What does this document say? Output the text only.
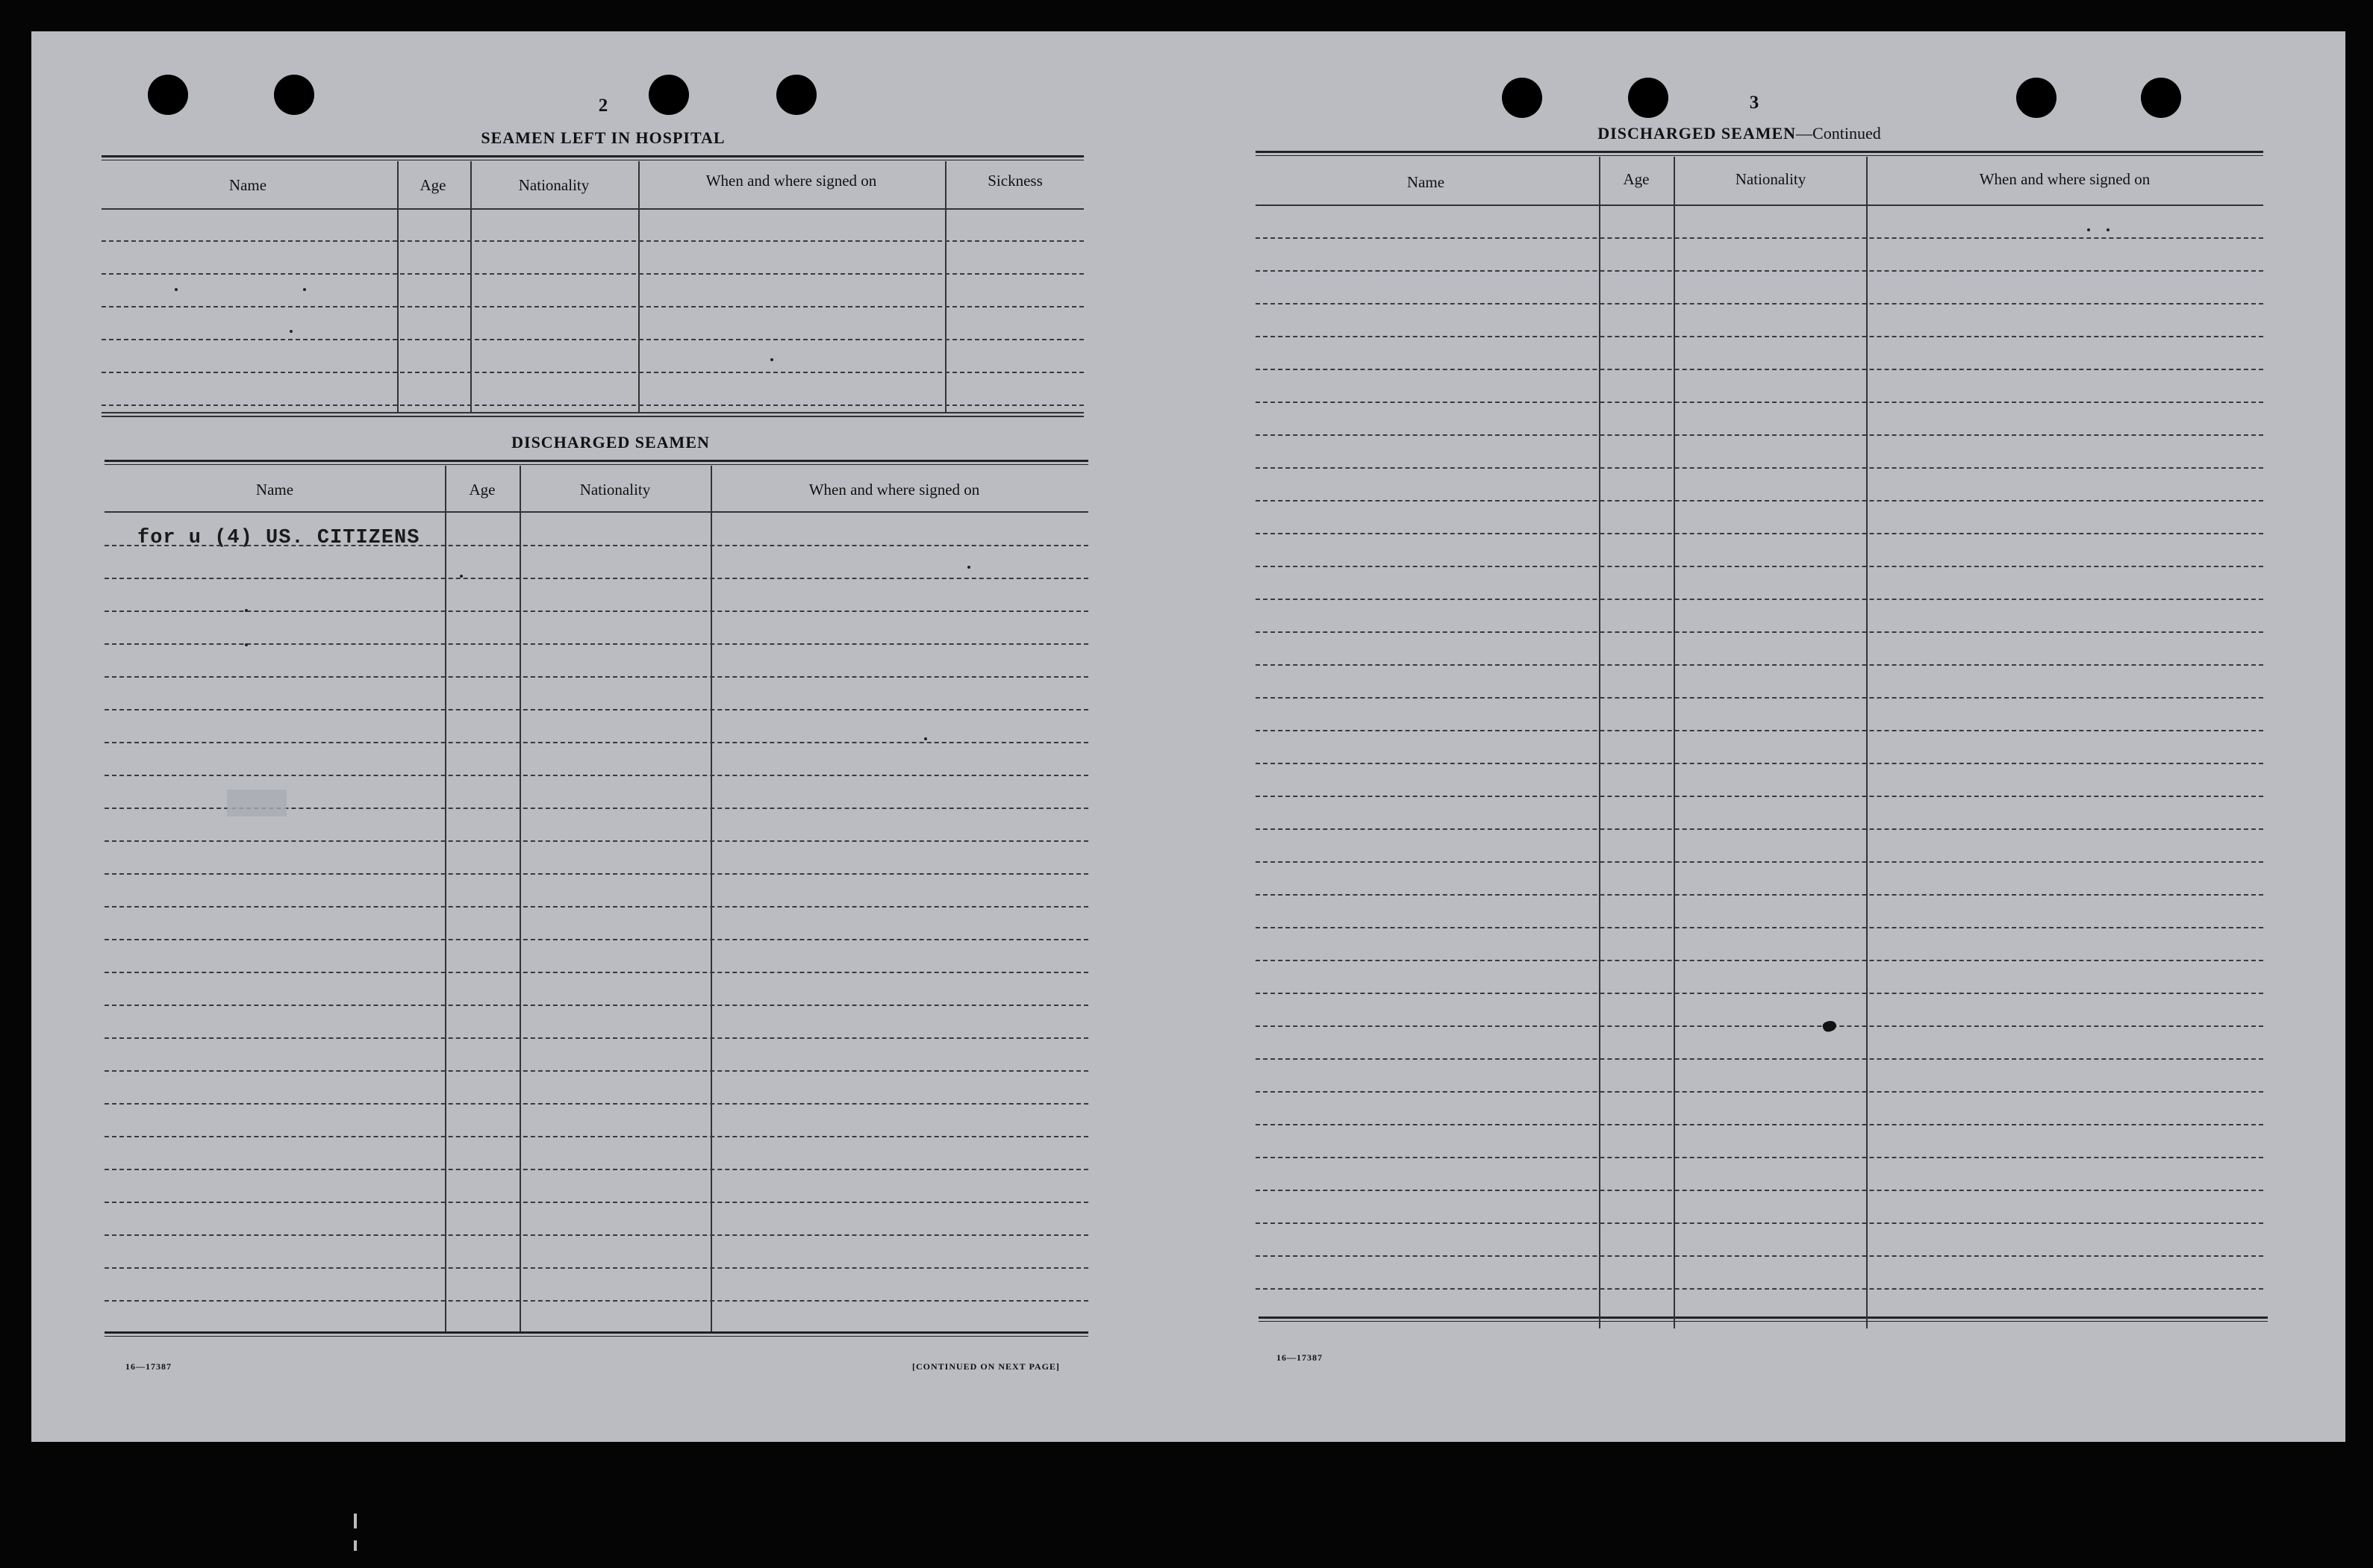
2
SEAMEN LEFT IN HOSPITAL
Name	Age	Nationality	When and where signed on	Sickness
DISCHARGED SEAMEN
Name	Age	Nationality	When and where signed on
for u (4) US. CITIZENS
16—17387	[CONTINUED ON NEXT PAGE]
3
DISCHARGED SEAMEN—Continued
Name	Age	Nationality	When and where signed on
16—17387
